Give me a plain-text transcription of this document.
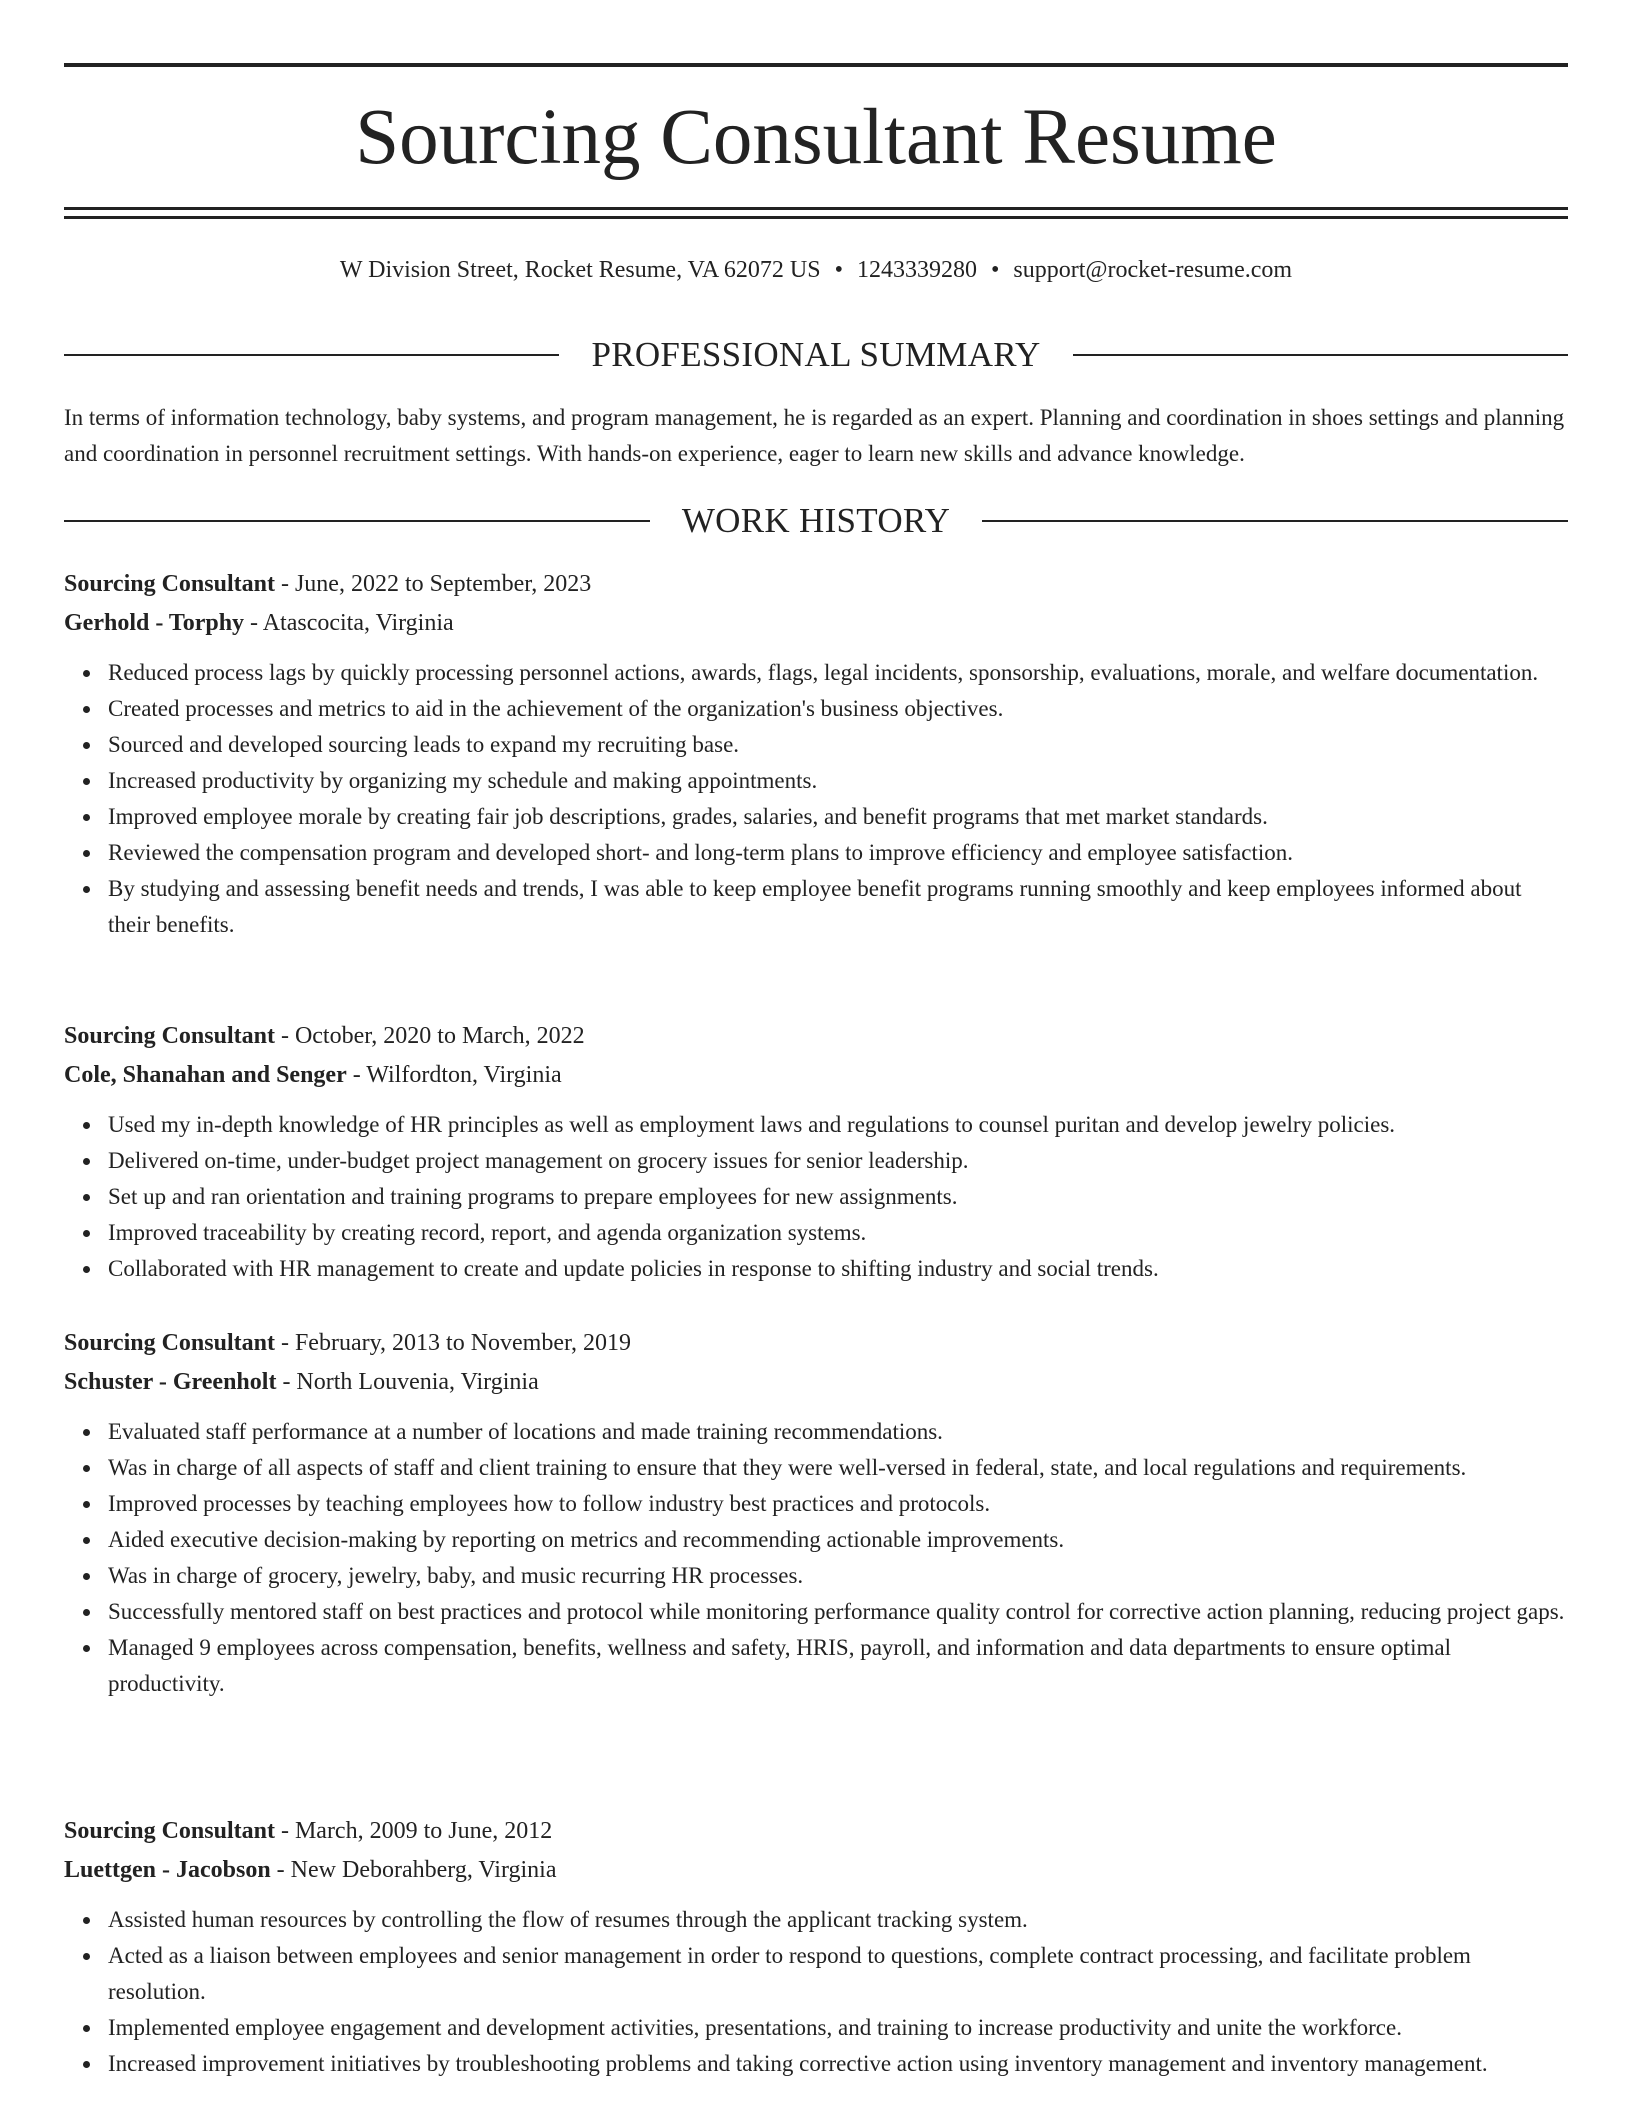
Sourcing Consultant Resume
W Division Street, Rocket Resume, VA 62072 US • 1243339280 • support@rocket-resume.com
PROFESSIONAL SUMMARY

In terms of information technology, baby systems, and program management, he is regarded as an expert. Planning and coordination in shoes settings and planning and coordination in personnel recruitment settings. With hands-on experience, eager to learn new skills and advance knowledge.

WORK HISTORY
Sourcing Consultant - June, 2022 to September, 2023
Gerhold - Torphy - Atascocita, Virginia
Reduced process lags by quickly processing personnel actions, awards, flags, legal incidents, sponsorship, evaluations, morale, and welfare documentation.
Created processes and metrics to aid in the achievement of the organization's business objectives.
Sourced and developed sourcing leads to expand my recruiting base.
Increased productivity by organizing my schedule and making appointments.
Improved employee morale by creating fair job descriptions, grades, salaries, and benefit programs that met market standards.
Reviewed the compensation program and developed short- and long-term plans to improve efficiency and employee satisfaction.
By studying and assessing benefit needs and trends, I was able to keep employee benefit programs running smoothly and keep employees informed about their benefits.
Sourcing Consultant - October, 2020 to March, 2022
Cole, Shanahan and Senger - Wilfordton, Virginia
Used my in-depth knowledge of HR principles as well as employment laws and regulations to counsel puritan and develop jewelry policies.
Delivered on-time, under-budget project management on grocery issues for senior leadership.
Set up and ran orientation and training programs to prepare employees for new assignments.
Improved traceability by creating record, report, and agenda organization systems.
Collaborated with HR management to create and update policies in response to shifting industry and social trends.
Sourcing Consultant - February, 2013 to November, 2019
Schuster - Greenholt - North Louvenia, Virginia
Evaluated staff performance at a number of locations and made training recommendations.
Was in charge of all aspects of staff and client training to ensure that they were well-versed in federal, state, and local regulations and requirements.
Improved processes by teaching employees how to follow industry best practices and protocols.
Aided executive decision-making by reporting on metrics and recommending actionable improvements.
Was in charge of grocery, jewelry, baby, and music recurring HR processes.
Successfully mentored staff on best practices and protocol while monitoring performance quality control for corrective action planning, reducing project gaps.
Managed 9 employees across compensation, benefits, wellness and safety, HRIS, payroll, and information and data departments to ensure optimal productivity.
Sourcing Consultant - March, 2009 to June, 2012
Luettgen - Jacobson - New Deborahberg, Virginia
Assisted human resources by controlling the flow of resumes through the applicant tracking system.
Acted as a liaison between employees and senior management in order to respond to questions, complete contract processing, and facilitate problem resolution.
Implemented employee engagement and development activities, presentations, and training to increase productivity and unite the workforce.
Increased improvement initiatives by troubleshooting problems and taking corrective action using inventory management and inventory management.
